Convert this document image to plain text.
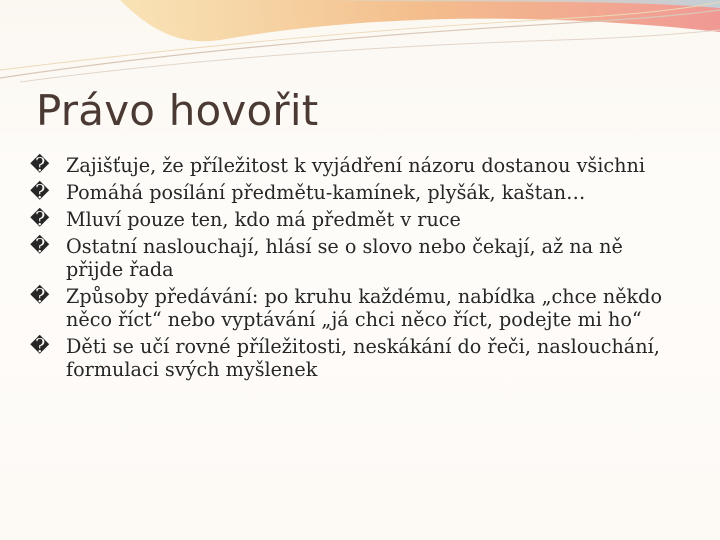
Právo hovořit
� Zajišťuje, že příležitost k vyjádření názoru dostanou všichni
� Pomáhá posílání předmětu-kamínek, plyšák, kaštan…
� Mluví pouze ten, kdo má předmět v ruce
� Ostatní naslouchají, hlásí se o slovo nebo čekají, až na ně přijde řada
� Způsoby předávání: po kruhu každému, nabídka „chce někdo něco říct“ nebo vyptávání „já chci něco říct, podejte mi ho“
� Děti se učí rovné příležitosti, neskákání do řeči, naslouchání, formulaci svých myšlenek
